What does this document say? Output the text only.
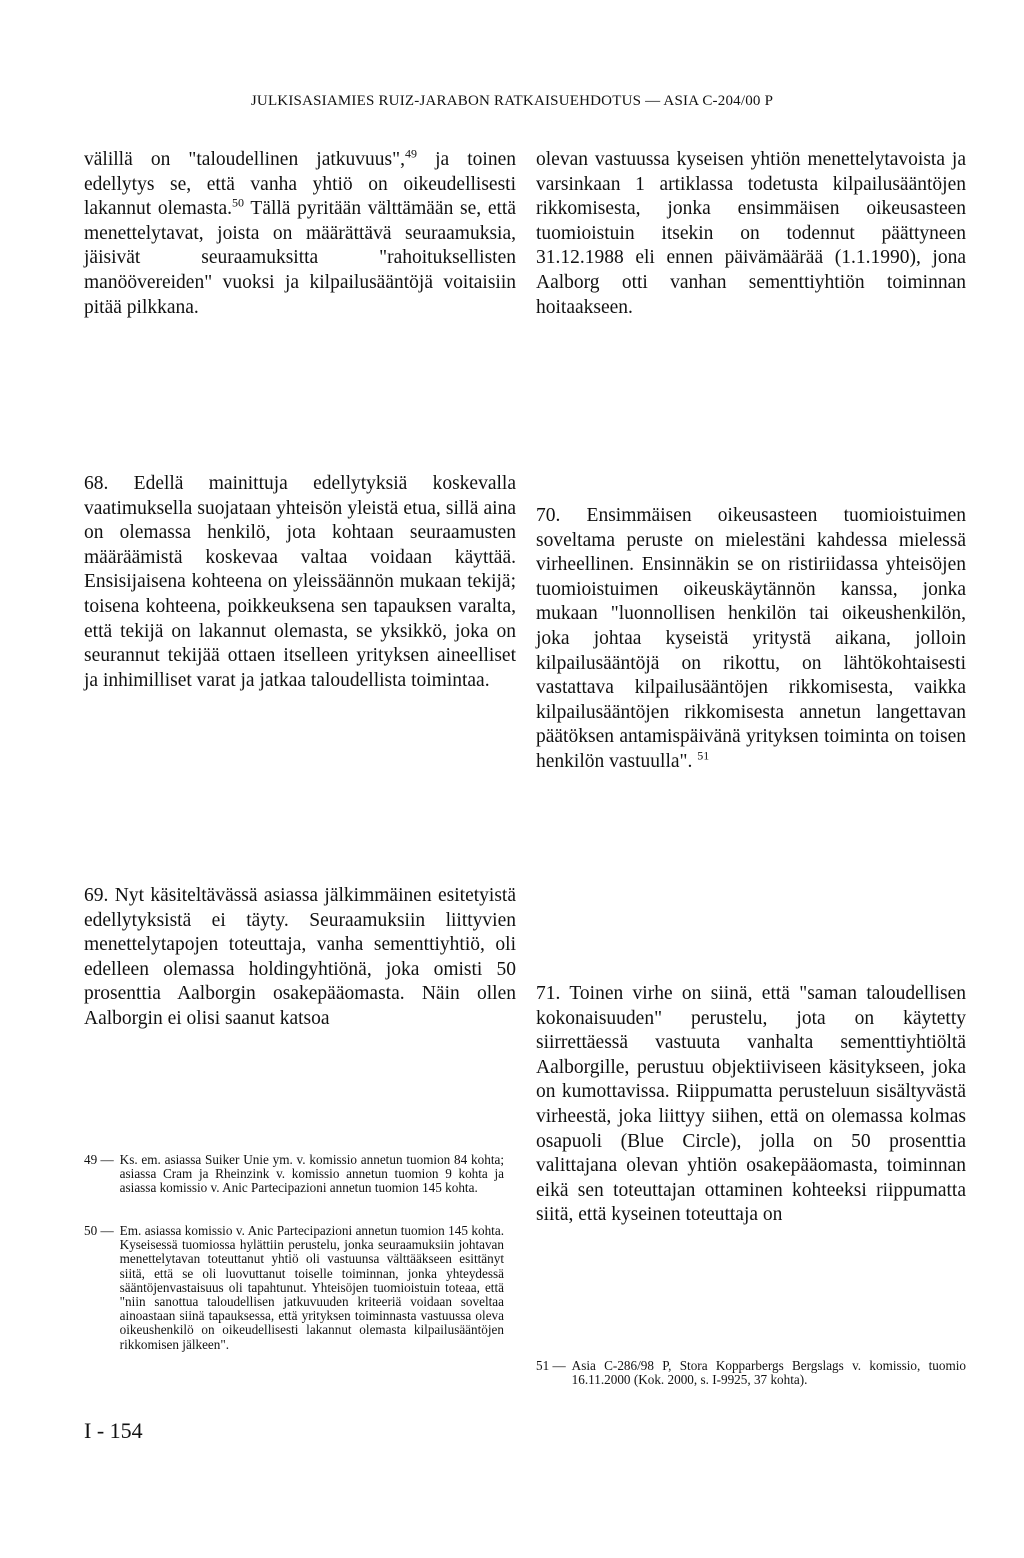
JULKISASIAMIES RUIZ-JARABON RATKAISUEHDOTUS — ASIA C-204/00 P

välillä on "taloudellinen jatkuvuus",$^{49}$ ja toinen edellytys se, että vanha yhtiö on oikeudellisesti lakannut olemasta.$^{50}$ Tällä pyritään välttämään se, että menettelytavat, joista on määrättävä seuraamuksia, jäisivät seuraamuksitta "rahoituksellisten manöövereiden" vuoksi ja kilpailusääntöjä voitaisiin pitää pilkkana.

68. Edellä mainittuja edellytyksiä koskevalla vaatimuksella suojataan yhteisön yleistä etua, sillä aina on olemassa henkilö, jota kohtaan seuraamusten määräämistä koskevaa valtaa voidaan käyttää. Ensisijaisena kohteena on yleissäännön mukaan tekijä; toisena kohteena, poikkeuksena sen tapauksen varalta, että tekijä on lakannut olemasta, se yksikkö, joka on seurannut tekijää ottaen itselleen yrityksen aineelliset ja inhimilliset varat ja jatkaa taloudellista toimintaa.

69. Nyt käsiteltävässä asiassa jälkimmäinen esitetyistä edellytyksistä ei täyty. Seuraamuksiin liittyvien menettelytapojen toteuttaja, vanha sementtiyhtiö, oli edelleen olemassa holdingyhtiönä, joka omisti 50 prosenttia Aalborgin osakepääomasta. Näin ollen Aalborgin ei olisi saanut katsoa

olevan vastuussa kyseisen yhtiön menettelytavoista ja varsinkaan 1 artiklassa todetusta kilpailusääntöjen rikkomisesta, jonka ensimmäisen oikeusasteen tuomioistuin itsekin on todennut päättyneen 31.12.1988 eli ennen päivämäärää (1.1.1990), jona Aalborg otti vanhan sementtiyhtiön toiminnan hoitaakseen.

70. Ensimmäisen oikeusasteen tuomioistuimen soveltama peruste on mielestäni kahdessa mielessä virheellinen. Ensinnäkin se on ristiriidassa yhteisöjen tuomioistuimen oikeuskäytännön kanssa, jonka mukaan "luonnollisen henkilön tai oikeushenkilön, joka johtaa kyseistä yritystä aikana, jolloin kilpailusääntöjä on rikottu, on lähtökohtaisesti vastattava kilpailusääntöjen rikkomisesta, vaikka kilpailusääntöjen rikkomisesta annetun langettavan päätöksen antamispäivänä yrityksen toiminta on toisen henkilön vastuulla". $^{51}$

71. Toinen virhe on siinä, että "saman taloudellisen kokonaisuuden" perustelu, jota on käytetty siirrettäessä vastuuta vanhalta sementtiyhtiöltä Aalborgille, perustuu objektiiviseen käsitykseen, joka on kumottavissa. Riippumatta perusteluun sisältyvästä virheestä, joka liittyy siihen, että on olemassa kolmas osapuoli (Blue Circle), jolla on 50 prosenttia valittajana olevan yhtiön osakepääomasta, toiminnan eikä sen toteuttajan ottaminen kohteeksi riippumatta siitä, että kyseinen toteuttaja on

49 — Ks. em. asiassa Suiker Unie ym. v. komissio annetun tuomion 84 kohta; asiassa Cram ja Rheinzink v. komissio annetun tuomion 9 kohta ja asiassa komissio v. Anic Partecipazioni annetun tuomion 145 kohta.
50 — Em. asiassa komissio v. Anic Partecipazioni annetun tuomion 145 kohta. Kyseisessä tuomiossa hylättiin perustelu, jonka seuraamuksiin johtavan menettelytavan toteuttanut yhtiö oli vastuunsa välttääkseen esittänyt siitä, että se oli luovuttanut toiselle toiminnan, jonka yhteydessä sääntöjenvastaisuus oli tapahtunut. Yhteisöjen tuomioistuin toteaa, että "niin sanottua taloudellisen jatkuvuuden kriteeriä voidaan soveltaa ainoastaan siinä tapauksessa, että yrityksen toiminnasta vastuussa oleva oikeushenkilö on oikeudellisesti lakannut olemasta kilpailusääntöjen rikkomisen jälkeen".
51 — Asia C-286/98 P, Stora Kopparbergs Bergslags v. komissio, tuomio 16.11.2000 (Kok. 2000, s. I-9925, 37 kohta).
I - 154
